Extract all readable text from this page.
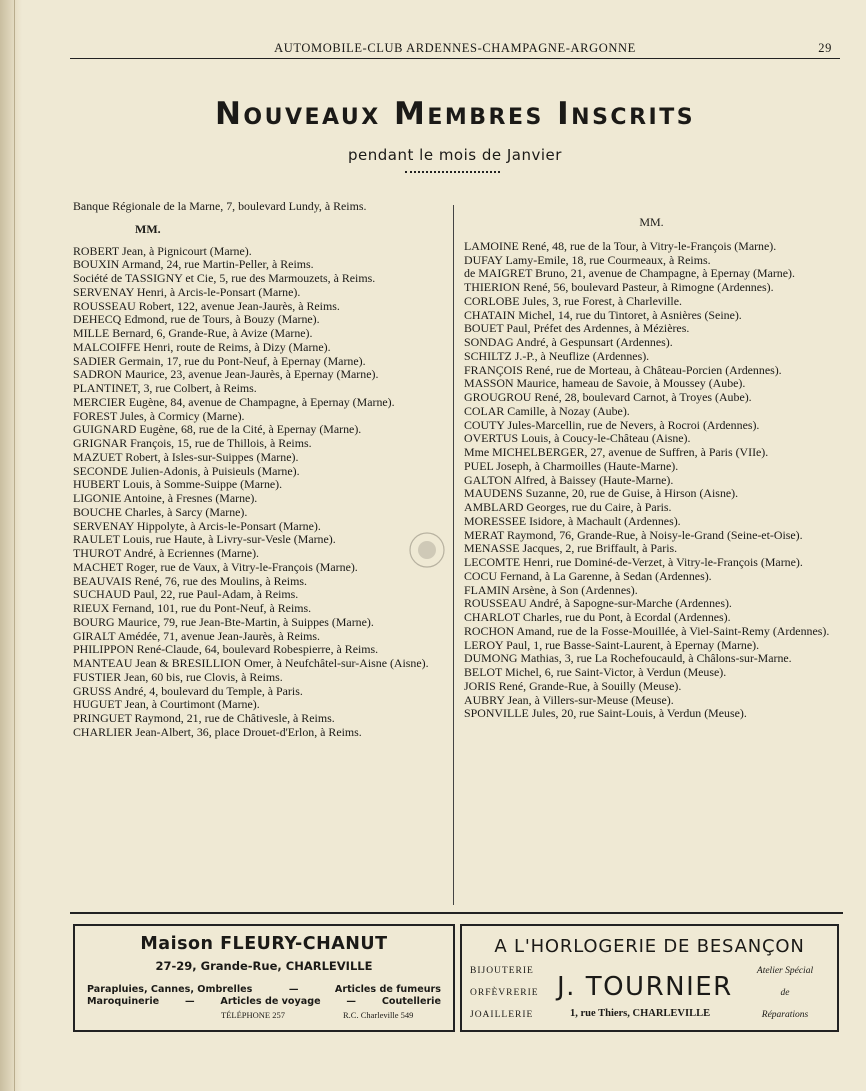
AUTOMOBILE-CLUB ARDENNES-CHAMPAGNE-ARGONNE	29
Nouveaux Membres Inscrits
pendant le mois de Janvier

Banque Régionale de la Marne, 7, boulevard Lundy, à Reims.

MM.

ROBERT Jean, à Pignicourt (Marne).

BOUXIN Armand, 24, rue Martin-Peller, à Reims.

Société de TASSIGNY et Cie, 5, rue des Marmouzets, à Reims.

SERVENAY Henri, à Arcis-le-Ponsart (Marne).

ROUSSEAU Robert, 122, avenue Jean-Jaurès, à Reims.

DEHECQ Edmond, rue de Tours, à Bouzy (Marne).

MILLE Bernard, 6, Grande-Rue, à Avize (Marne).

MALCOIFFE Henri, route de Reims, à Dizy (Marne).

SADIER Germain, 17, rue du Pont-Neuf, à Epernay (Marne).

SADRON Maurice, 23, avenue Jean-Jaurès, à Epernay (Marne).

PLANTINET, 3, rue Colbert, à Reims.

MERCIER Eugène, 84, avenue de Champagne, à Epernay (Marne).

FOREST Jules, à Cormicy (Marne).

GUIGNARD Eugène, 68, rue de la Cité, à Epernay (Marne).

GRIGNAR François, 15, rue de Thillois, à Reims.

MAZUET Robert, à Isles-sur-Suippes (Marne).

SECONDE Julien-Adonis, à Puisieuls (Marne).

HUBERT Louis, à Somme-Suippe (Marne).

LIGONIE Antoine, à Fresnes (Marne).

BOUCHE Charles, à Sarcy (Marne).

SERVENAY Hippolyte, à Arcis-le-Ponsart (Marne).

RAULET Louis, rue Haute, à Livry-sur-Vesle (Marne).

THUROT André, à Ecriennes (Marne).

MACHET Roger, rue de Vaux, à Vitry-le-François (Marne).

BEAUVAIS René, 76, rue des Moulins, à Reims.

SUCHAUD Paul, 22, rue Paul-Adam, à Reims.

RIEUX Fernand, 101, rue du Pont-Neuf, à Reims.

BOURG Maurice, 79, rue Jean-Bte-Martin, à Suippes (Marne).

GIRALT Amédée, 71, avenue Jean-Jaurès, à Reims.

PHILIPPON René-Claude, 64, boulevard Robespierre, à Reims.

MANTEAU Jean & BRESILLION Omer, à Neufchâtel-sur-Aisne (Aisne).

FUSTIER Jean, 60 bis, rue Clovis, à Reims.

GRUSS André, 4, boulevard du Temple, à Paris.

HUGUET Jean, à Courtimont (Marne).

PRINGUET Raymond, 21, rue de Châtivesle, à Reims.

CHARLIER Jean-Albert, 36, place Drouet-d'Erlon, à Reims.

MM.

LAMOINE René, 48, rue de la Tour, à Vitry-le-François (Marne).

DUFAY Lamy-Emile, 18, rue Courmeaux, à Reims.

de MAIGRET Bruno, 21, avenue de Champagne, à Epernay (Marne).

THIERION René, 56, boulevard Pasteur, à Rimogne (Ardennes).

CORLOBE Jules, 3, rue Forest, à Charleville.

CHATAIN Michel, 14, rue du Tintoret, à Asnières (Seine).

BOUET Paul, Préfet des Ardennes, à Mézières.

SONDAG André, à Gespunsart (Ardennes).

SCHILTZ J.-P., à Neuflize (Ardennes).

FRANÇOIS René, rue de Morteau, à Château-Porcien (Ardennes).

MASSON Maurice, hameau de Savoie, à Moussey (Aube).

GROUGROU René, 28, boulevard Carnot, à Troyes (Aube).

COLAR Camille, à Nozay (Aube).

COUTY Jules-Marcellin, rue de Nevers, à Rocroi (Ardennes).

OVERTUS Louis, à Coucy-le-Château (Aisne).

Mme MICHELBERGER, 27, avenue de Suffren, à Paris (VIIe).

PUEL Joseph, à Charmoilles (Haute-Marne).

GALTON Alfred, à Baissey (Haute-Marne).

MAUDENS Suzanne, 20, rue de Guise, à Hirson (Aisne).

AMBLARD Georges, rue du Caire, à Paris.

MORESSEE Isidore, à Machault (Ardennes).

MERAT Raymond, 76, Grande-Rue, à Noisy-le-Grand (Seine-et-Oise).

MENASSE Jacques, 2, rue Briffault, à Paris.

LECOMTE Henri, rue Dominé-de-Verzet, à Vitry-le-François (Marne).

COCU Fernand, à La Garenne, à Sedan (Ardennes).

FLAMIN Arsène, à Son (Ardennes).

ROUSSEAU André, à Sapogne-sur-Marche (Ardennes).

CHARLOT Charles, rue du Pont, à Ecordal (Ardennes).

ROCHON Amand, rue de la Fosse-Mouillée, à Viel-Saint-Remy (Ardennes).

LEROY Paul, 1, rue Basse-Saint-Laurent, à Epernay (Marne).

DUMONG Mathias, 3, rue La Rochefoucauld, à Châlons-sur-Marne.

BELOT Michel, 6, rue Saint-Victor, à Verdun (Meuse).

JORIS René, Grande-Rue, à Souilly (Meuse).

AUBRY Jean, à Villers-sur-Meuse (Meuse).

SPONVILLE Jules, 20, rue Saint-Louis, à Verdun (Meuse).

Maison FLEURY-CHANUT
27-29, Grande-Rue, CHARLEVILLE
Parapluies, Cannes, Ombrelles	—	Articles de fumeurs
Maroquinerie	—	Articles de voyage	—	Coutellerie
TÉLÉPHONE 257	R.C. Charleville 549
A L'HORLOGERIE DE BESANÇON
BIJOUTERIE
ORFÈVRERIE
JOAILLERIE
J. TOURNIER
1, rue Thiers, CHARLEVILLE
Atelier Spécial
de
Réparations
